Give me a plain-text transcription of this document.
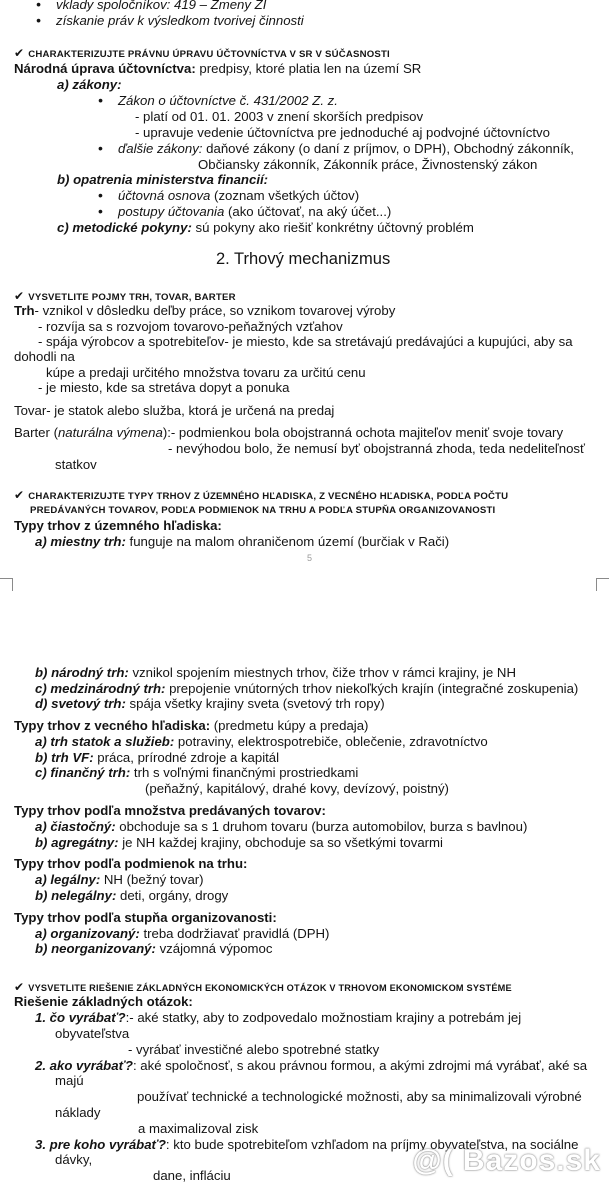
• vklady spoločníkov: 419 – Zmeny ZI
• získanie práv k výsledkom tvorivej činnosti
✔ CHARAKTERIZUJTE PRÁVNU ÚPRAVU ÚČTOVNÍCTVA V SR V SÚČASNOSTI
Národná úprava účtovníctva: predpisy, ktoré platia len na území SR
a) zákony:
• Zákon o účtovníctve č. 431/2002 Z. z.
- platí od 01. 01. 2003 v znení skorších predpisov
- upravuje vedenie účtovníctva pre jednoduché aj podvojné účtovníctvo
• ďalšie zákony: daňové zákony (o daní z príjmov, o DPH), Obchodný zákonník,
Občiansky zákonník, Zákonník práce, Živnostenský zákon
b) opatrenia ministerstva financií:
• účtovná osnova (zoznam všetkých účtov)
• postupy účtovania (ako účtovať, na aký účet...)
c) metodické pokyny: sú pokyny ako riešiť konkrétny účtovný problém
2. Trhový mechanizmus
✔ VYSVETLITE POJMY TRH, TOVAR, BARTER
Trh- vznikol v dôsledku deľby práce, so vznikom tovarovej výroby
- rozvíja sa s rozvojom tovarovo-peňažných vzťahov
- spája výrobcov a spotrebiteľov- je miesto, kde sa stretávajú predávajúci a kupujúci, aby sa
dohodli na
kúpe a predaji určitého množstva tovaru za určitú cenu
- je miesto, kde sa stretáva dopyt a ponuka
Tovar- je statok alebo služba, ktorá je určená na predaj
Barter (naturálna výmena):- podmienkou bola obojstranná ochota majiteľov meniť svoje tovary
- nevýhodou bolo, že nemusí byť obojstranná zhoda, teda nedeliteľnosť
statkov
✔ CHARAKTERIZUJTE TYPY TRHOV Z ÚZEMNÉHO HĽADISKA, Z VECNÉHO HĽADISKA, PODĽA POČTU
PREDÁVANÝCH TOVAROV, PODĽA PODMIENOK NA TRHU A PODĽA STUPŇA ORGANIZOVANOSTI
Typy trhov z územného hľadiska:
a) miestny trh: funguje na malom ohraničenom území (burčiak v Rači)
5
b) národný trh: vznikol spojením miestnych trhov, čiže trhov v rámci krajiny, je NH
c) medzinárodný trh: prepojenie vnútorných trhov niekoľkých krajín (integračné zoskupenia)
d) svetový trh: spája všetky krajiny sveta (svetový trh ropy)
Typy trhov z vecného hľadiska: (predmetu kúpy a predaja)
a) trh statok a služieb: potraviny, elektrospotrebiče, oblečenie, zdravotníctvo
b) trh VF: práca, prírodné zdroje a kapitál
c) finančný trh: trh s voľnými finančnými prostriedkami
(peňažný, kapitálový, drahé kovy, devízový, poistný)
Typy trhov podľa množstva predávaných tovarov:
a) čiastočný: obchoduje sa s 1 druhom tovaru (burza automobilov, burza s bavlnou)
b) agregátny: je NH každej krajiny, obchoduje sa so všetkými tovarmi
Typy trhov podľa podmienok na trhu:
a) legálny: NH (bežný tovar)
b) nelegálny: deti, orgány, drogy
Typy trhov podľa stupňa organizovanosti:
a) organizovaný: treba dodržiavať pravidlá (DPH)
b) neorganizovaný: vzájomná výpomoc
✔ VYSVETLITE RIEŠENIE ZÁKLADNÝCH EKONOMICKÝCH OTÁZOK V TRHOVOM EKONOMICKOM SYSTÉME
Riešenie základných otázok:
1. čo vyrábať?:- aké statky, aby to zodpovedalo možnostiam krajiny a potrebám jej
obyvateľstva
- vyrábať investičné alebo spotrebné statky
2. ako vyrábať?: aké spoločnosť, s akou právnou formou, a akými zdrojmi má vyrábať, aké sa
majú
používať technické a technologické možnosti, aby sa minimalizovali výrobné
náklady
a maximalizoval zisk
3. pre koho vyrábať?: kto bude spotrebiteľom vzhľadom na príjmy obyvateľstva, na sociálne
dávky,
dane, infláciu	@( Bazos.sk
